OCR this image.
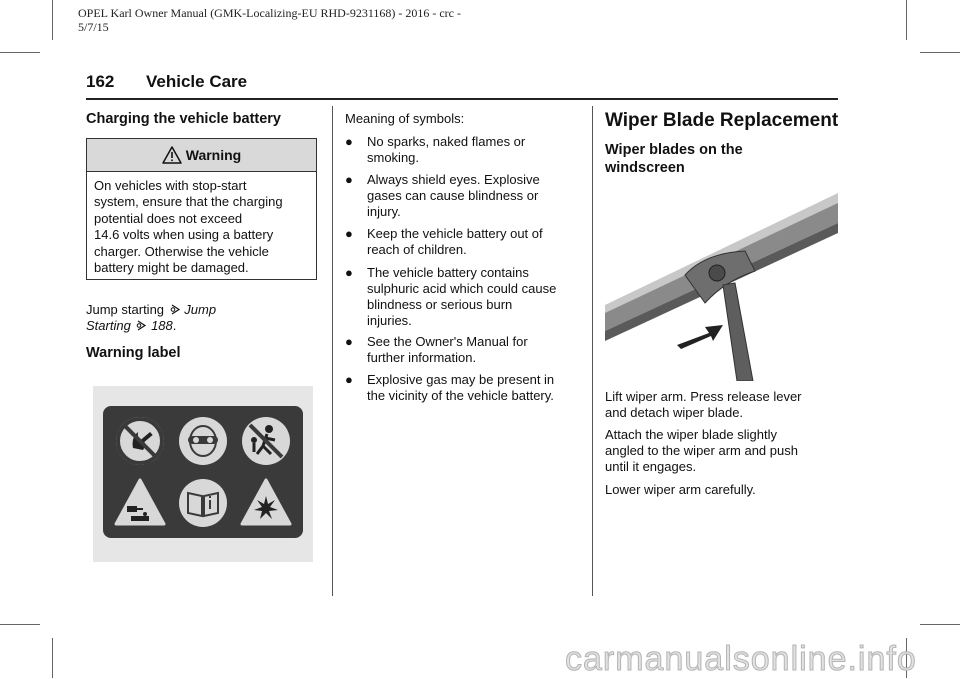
OPEL Karl Owner Manual (GMK-Localizing-EU RHD-9231168) - 2016 - crc -
5/7/15
162 Vehicle Care
Charging the vehicle battery
Warning
On vehicles with stop-start
system, ensure that the charging
potential does not exceed
14.6 volts when using a battery
charger. Otherwise the vehicle
battery might be damaged.
Jump starting Jump
Starting 188.
Warning label
Meaning of symbols:
● No sparks, naked flames or
smoking.
● Always shield eyes. Explosive
gases can cause blindness or
injury.
● Keep the vehicle battery out of
reach of children.
● The vehicle battery contains
sulphuric acid which could cause
blindness or serious burn
injuries.
● See the Owner's Manual for
further information.
● Explosive gas may be present in
the vicinity of the vehicle battery.
Wiper Blade Replacement
Wiper blades on the
windscreen
Lift wiper arm. Press release lever
and detach wiper blade.
Attach the wiper blade slightly
angled to the wiper arm and push
until it engages.
Lower wiper arm carefully.
carmanualsonline.info
